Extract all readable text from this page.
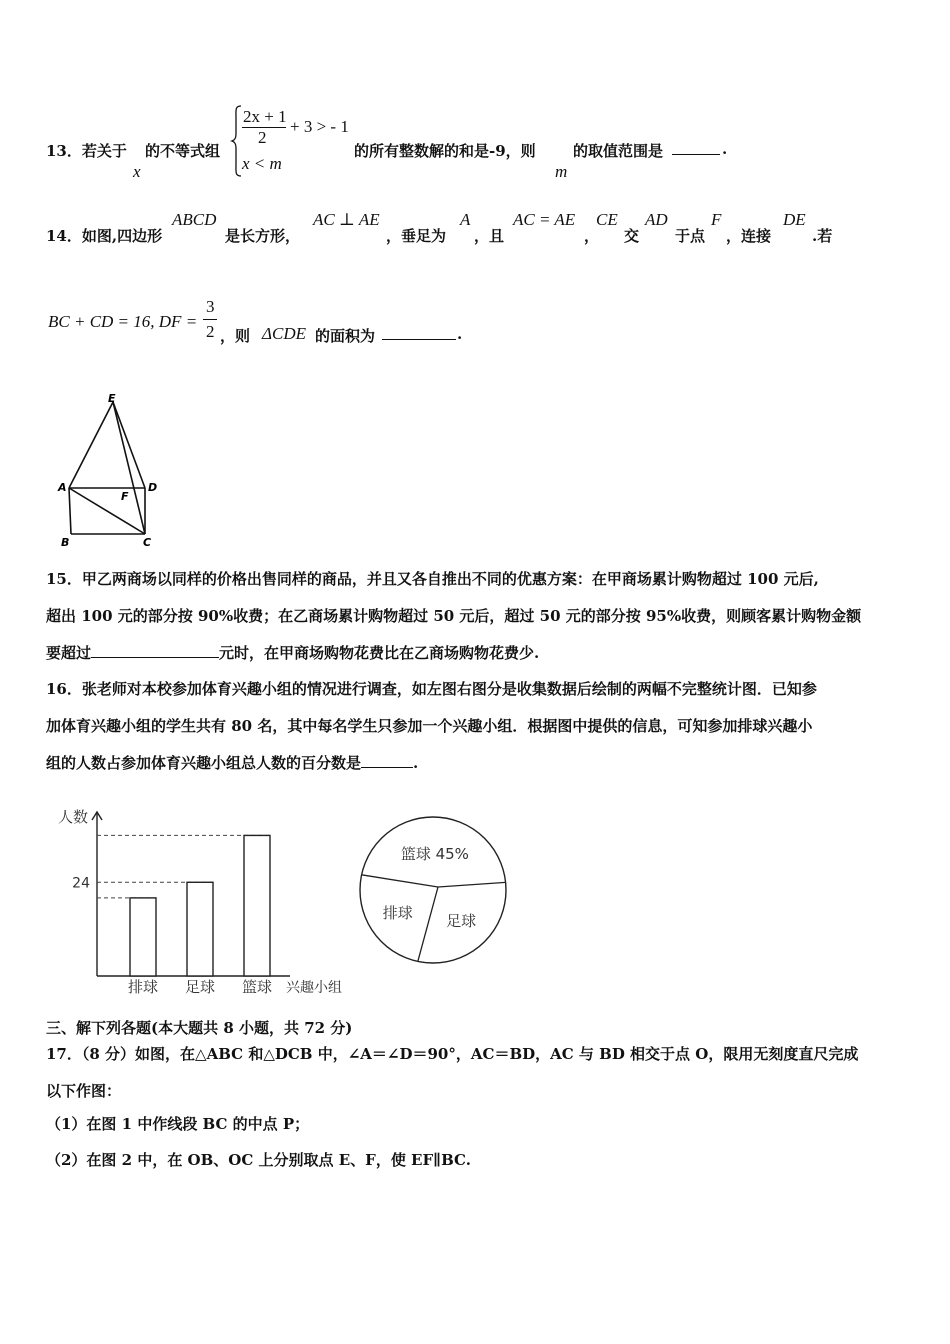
13．若关于
x
的不等式组
2x + 1
2
+ 3 > - 1
x < m
的所有整数解的和是-9，则
m
的取值范围是	.
14．如图,四边形
ABCD
是长方形，
AC ⊥ AE
，垂足为
A
，且
AC = AE
，
CE
交
AD
于点
F
，连接
DE
.若
BC + CD = 16, DF =
3
2 ，则 ΔCDE 的面积为	.
E
A	D
F
B	C
15．甲乙两商场以同样的价格出售同样的商品，并且又各自推出不同的优惠方案：在甲商场累计购物超过 100 元后,
超出 100 元的部分按 90%收费；在乙商场累计购物超过 50 元后，超过 50 元的部分按 95%收费，则顾客累计购物金额
要超过	元时，在甲商场购物花费比在乙商场购物花费少.
16．张老师对本校参加体育兴趣小组的情况进行调查，如左图右图分是收集数据后绘制的两幅不完整统计图．已知参
加体育兴趣小组的学生共有 80 名，其中每名学生只参加一个兴趣小组．根据图中提供的信息，可知参加排球兴趣小
组的人数占参加体育兴趣小组总人数的百分数是	.
人数
兴趣小组
排球 足球 篮球
24
篮球 45%
足球
排球
三、解下列各题(本大题共 8 小题，共 72 分)
17．（8 分）如图，在△ABC 和△DCB 中，∠A＝∠D＝90°，AC＝BD，AC 与 BD 相交于点 O，限用无刻度直尺完成
以下作图：
（1）在图 1 中作线段 BC 的中点 P；
（2）在图 2 中，在 OB、OC 上分别取点 E、F，使 EF∥BC.
